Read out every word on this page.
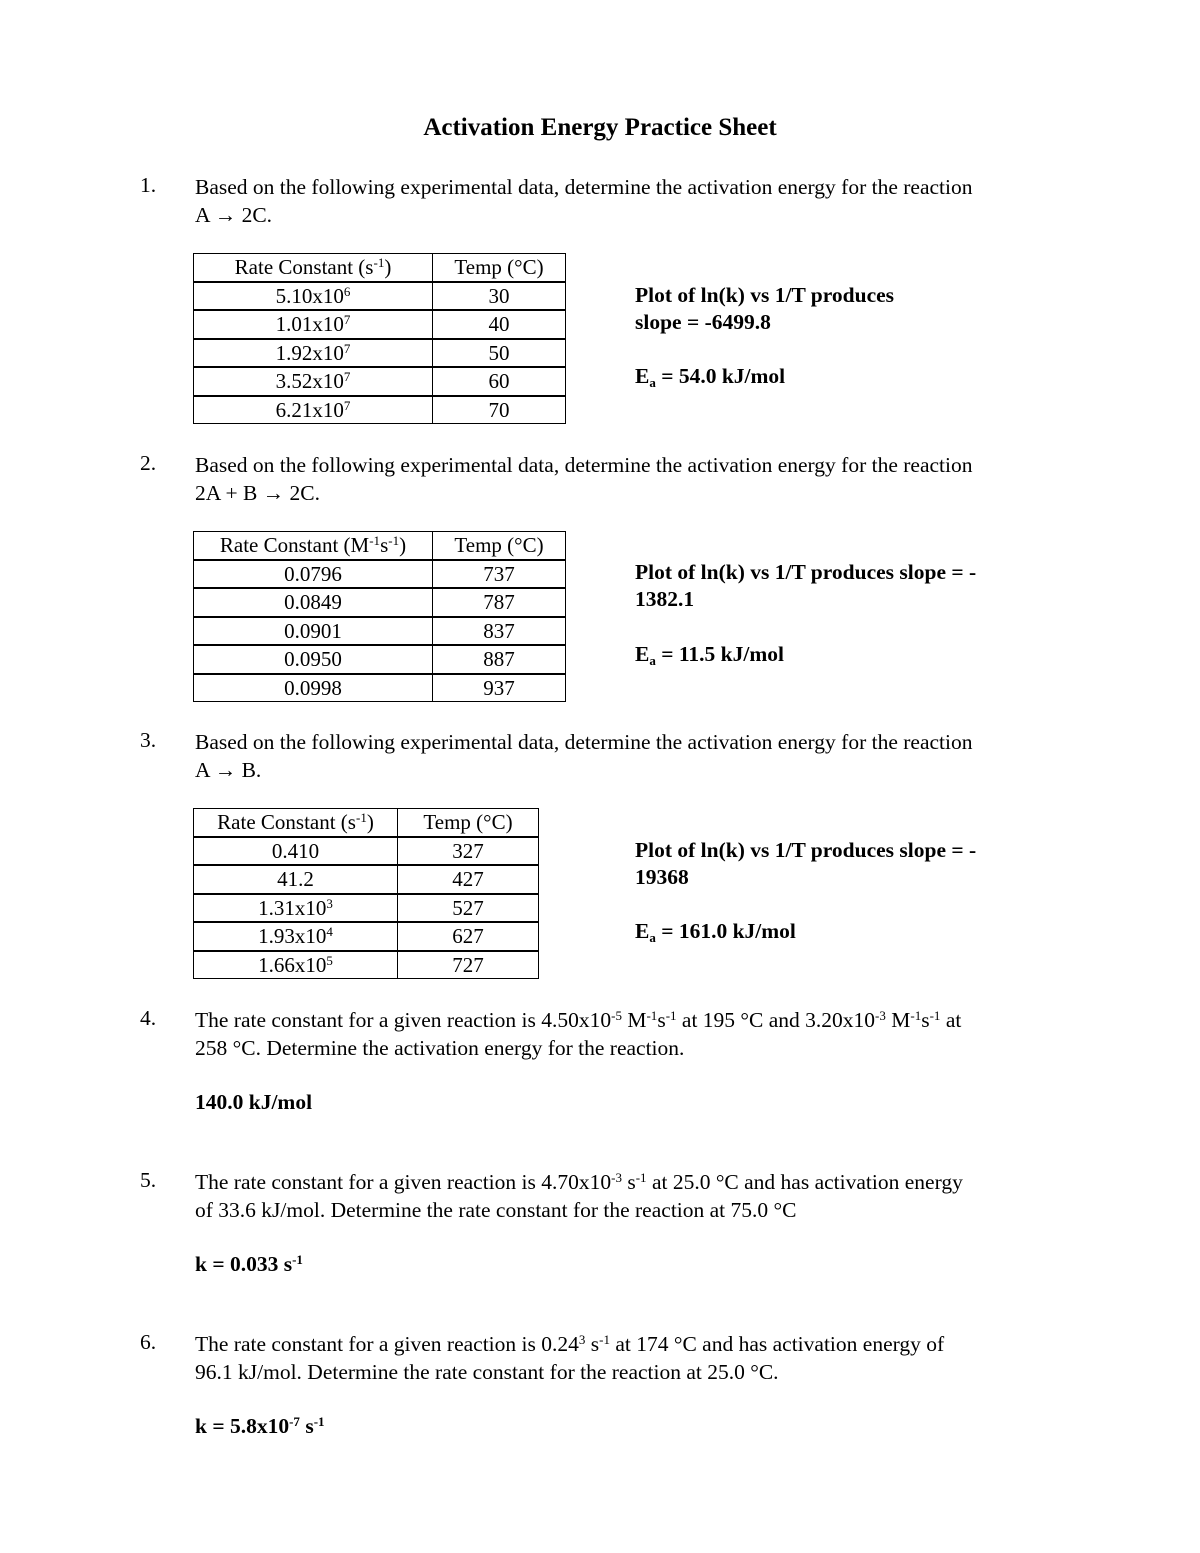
Activation Energy Practice Sheet
1. Based on the following experimental data, determine the activation energy for the reaction
A → 2C.
Rate Constant $(s^{-1})$	Temp (°C)
$5.10x10^6$	30
$1.01x10^7$	40
$1.92x10^7$	50
$3.52x10^7$	60
$6.21x10^7$	70
Plot of ln(k) vs 1/T produces
slope = -6499.8
$E_a = 54.0$ kJ/mol
2. Based on the following experimental data, determine the activation energy for the reaction
2A + B → 2C.
Rate Constant $(M^{-1}s^{-1})$	Temp (°C)
0.0796	737
0.0849	787
0.0901	837
0.0950	887
0.0998	937
Plot of ln(k) vs 1/T produces slope = -
1382.1
$E_a = 11.5$ kJ/mol
3. Based on the following experimental data, determine the activation energy for the reaction
A → B.
Rate Constant $(s^{-1})$	Temp (°C)
0.410	327
41.2	427
$1.31x10^3$	527
$1.93x10^4$	627
$1.66x10^5$	727
Plot of ln(k) vs 1/T produces slope = -
19368
$E_a = 161.0$ kJ/mol
4. The rate constant for a given reaction is $4.50x10^{-5}$ $M^{-1}s^{-1}$ at 195 °C and $3.20x10^{-3}$ $M^{-1}s^{-1}$ at
258 °C. Determine the activation energy for the reaction.
140.0 kJ/mol
5. The rate constant for a given reaction is $4.70x10^{-3}$ $s^{-1}$ at 25.0 °C and has activation energy
of 33.6 kJ/mol. Determine the rate constant for the reaction at 75.0 °C
k = 0.033 $s^{-1}$
6. The rate constant for a given reaction is 0.24$^3$ $s^{-1}$ at 174 °C and has activation energy of
96.1 kJ/mol. Determine the rate constant for the reaction at 25.0 °C.
$k = 5.8x10^{-7}$ $s^{-1}$
